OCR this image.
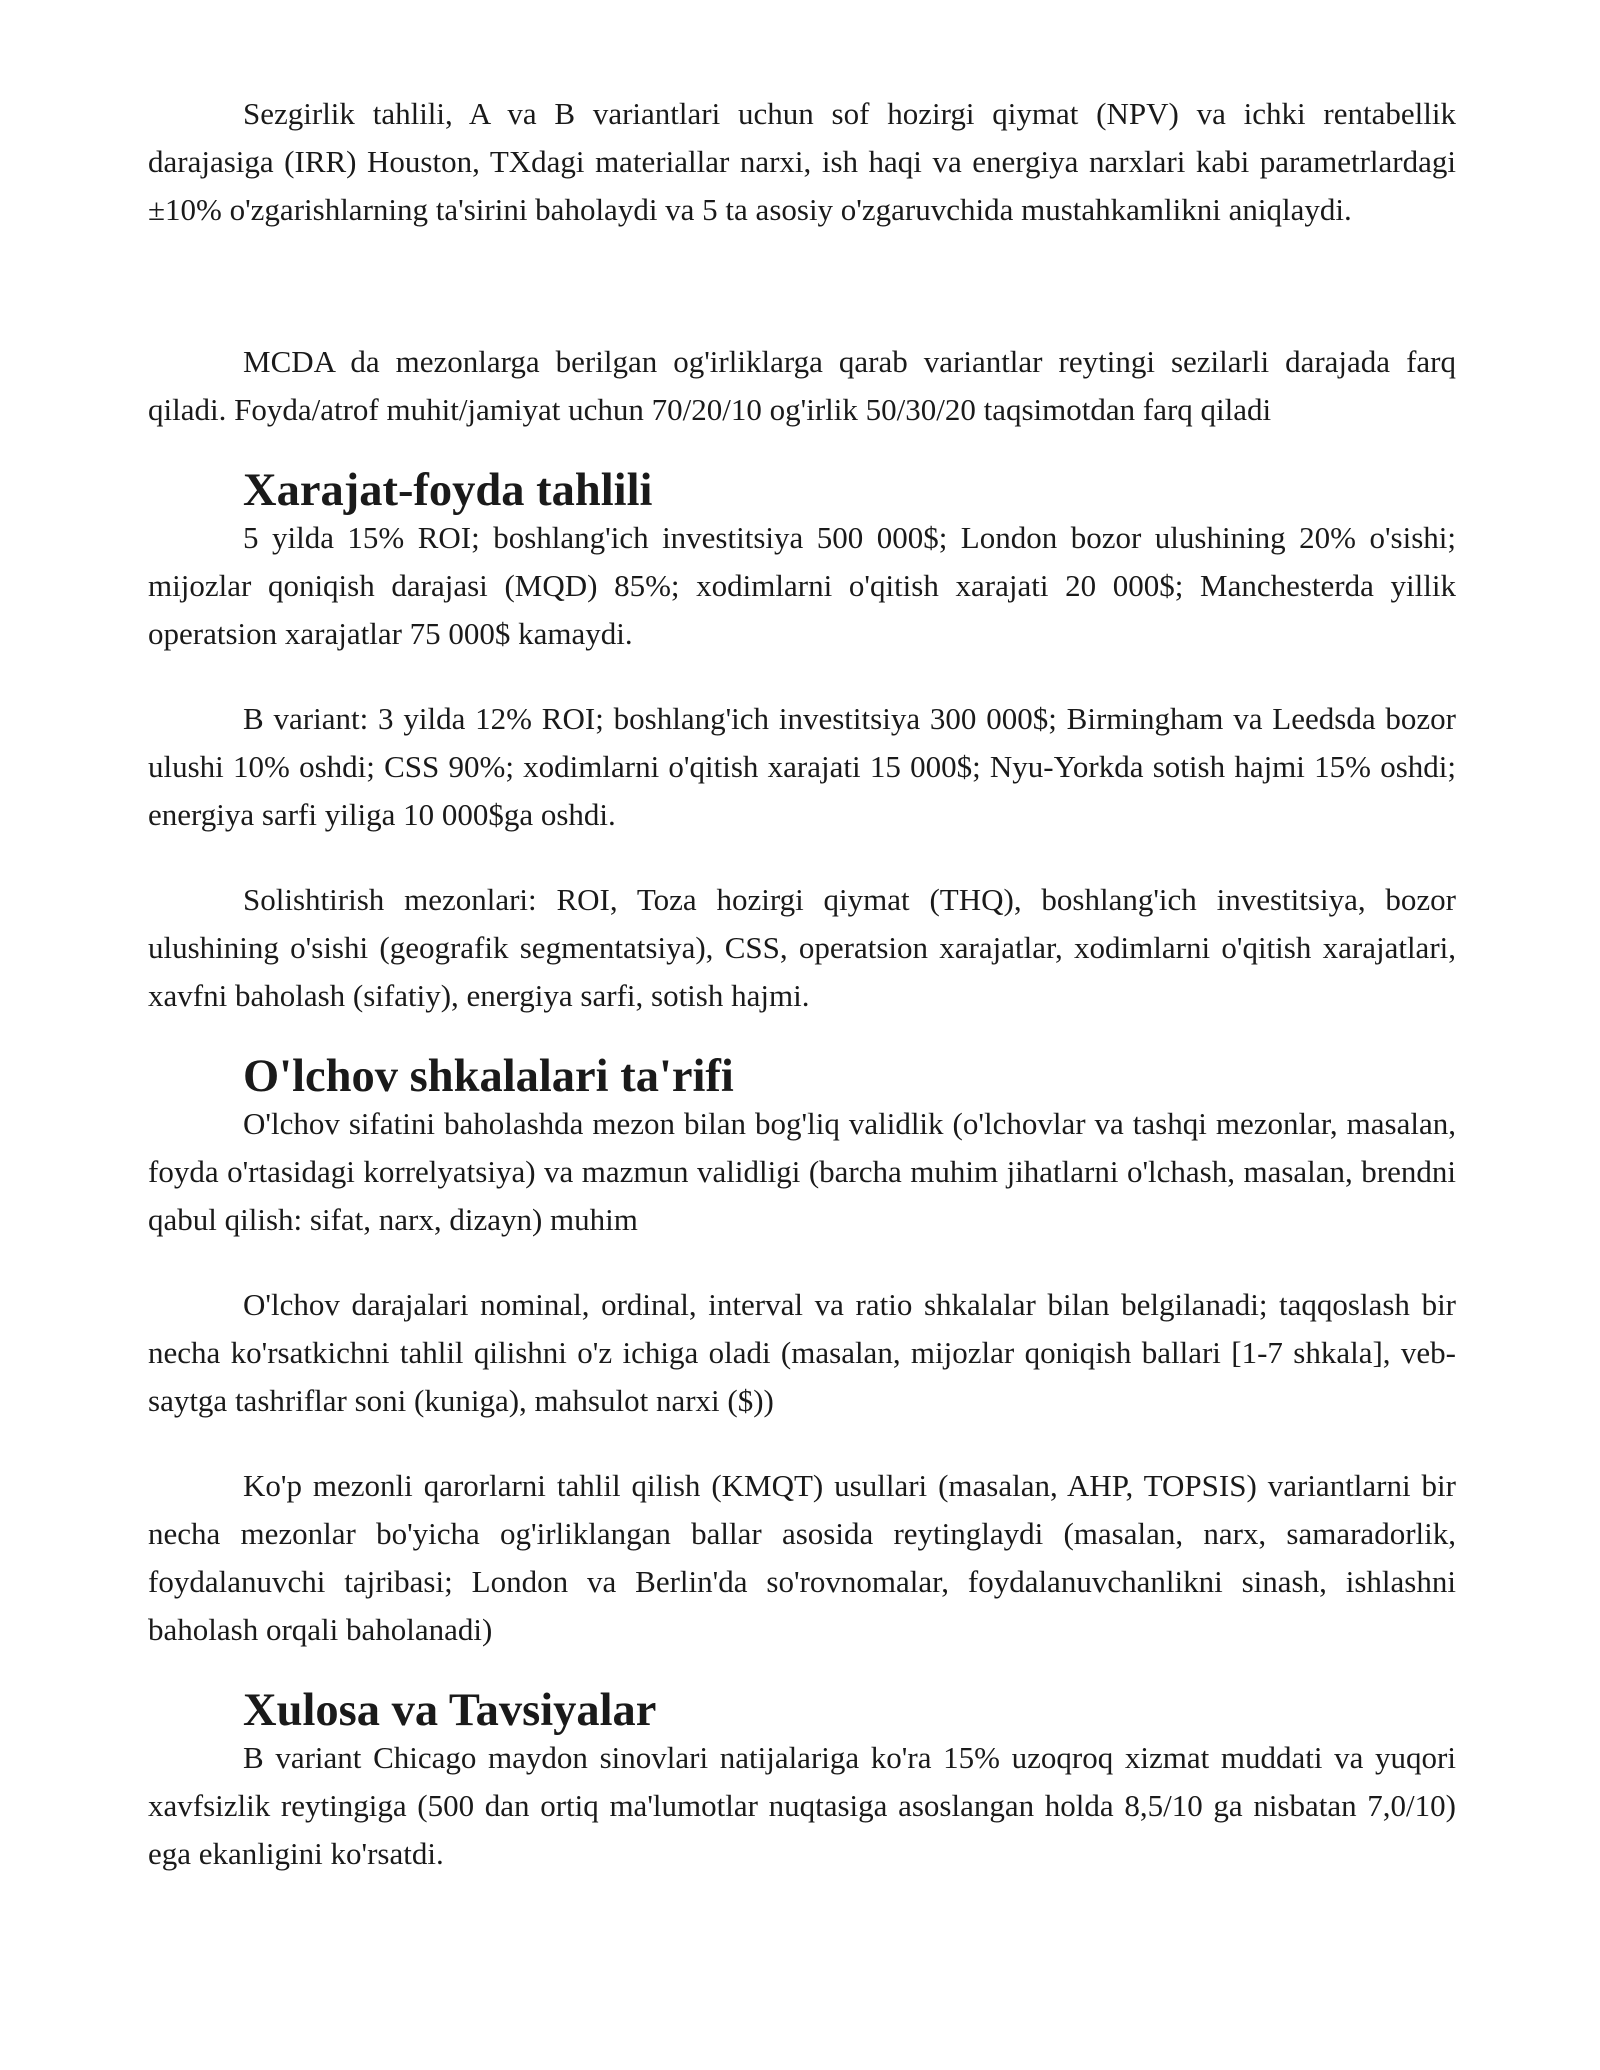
Sezgirlik tahlili, A va B variantlari uchun sof hozirgi qiymat (NPV) va ichki rentabellik darajasiga (IRR) Houston, TXdagi materiallar narxi, ish haqi va energiya narxlari kabi parametrlardagi ±10% o'zgarishlarning ta'sirini baholaydi va 5 ta asosiy o'zgaruvchida mustahkamlikni aniqlaydi.

MCDA da mezonlarga berilgan og'irliklarga qarab variantlar reytingi sezilarli darajada farq qiladi. Foyda/atrof muhit/jamiyat uchun 70/20/10 og'irlik 50/30/20 taqsimotdan farq qiladi

Xarajat-foyda tahlili

5 yilda 15% ROI; boshlang'ich investitsiya 500 000$; London bozor ulushining 20% o'sishi; mijozlar qoniqish darajasi (MQD) 85%; xodimlarni o'qitish xarajati 20 000$; Manchesterda yillik operatsion xarajatlar 75 000$ kamaydi.

B variant: 3 yilda 12% ROI; boshlang'ich investitsiya 300 000$; Birmingham va Leedsda bozor ulushi 10% oshdi; CSS 90%; xodimlarni o'qitish xarajati 15 000$; Nyu-Yorkda sotish hajmi 15% oshdi; energiya sarfi yiliga 10 000$ga oshdi.

Solishtirish mezonlari: ROI, Toza hozirgi qiymat (THQ), boshlang'ich investitsiya, bozor ulushining o'sishi (geografik segmentatsiya), CSS, operatsion xarajatlar, xodimlarni o'qitish xarajatlari, xavfni baholash (sifatiy), energiya sarfi, sotish hajmi.

O'lchov shkalalari ta'rifi

O'lchov sifatini baholashda mezon bilan bog'liq validlik (o'lchovlar va tashqi mezonlar, masalan, foyda o'rtasidagi korrelyatsiya) va mazmun validligi (barcha muhim jihatlarni o'lchash, masalan, brendni qabul qilish: sifat, narx, dizayn) muhim

O'lchov darajalari nominal, ordinal, interval va ratio shkalalar bilan belgilanadi; taqqoslash bir necha ko'rsatkichni tahlil qilishni o'z ichiga oladi (masalan, mijozlar qoniqish ballari [1-7 shkala], veb-saytga tashriflar soni (kuniga), mahsulot narxi ($))

Ko'p mezonli qarorlarni tahlil qilish (KMQT) usullari (masalan, AHP, TOPSIS) variantlarni bir necha mezonlar bo'yicha og'irliklangan ballar asosida reytinglaydi (masalan, narx, samaradorlik, foydalanuvchi tajribasi; London va Berlin'da so'rovnomalar, foydalanuvchanlikni sinash, ishlashni baholash orqali baholanadi)

Xulosa va Tavsiyalar

B variant Chicago maydon sinovlari natijalariga ko'ra 15% uzoqroq xizmat muddati va yuqori xavfsizlik reytingiga (500 dan ortiq ma'lumotlar nuqtasiga asoslangan holda 8,5/10 ga nisbatan 7,0/10) ega ekanligini ko'rsatdi.
